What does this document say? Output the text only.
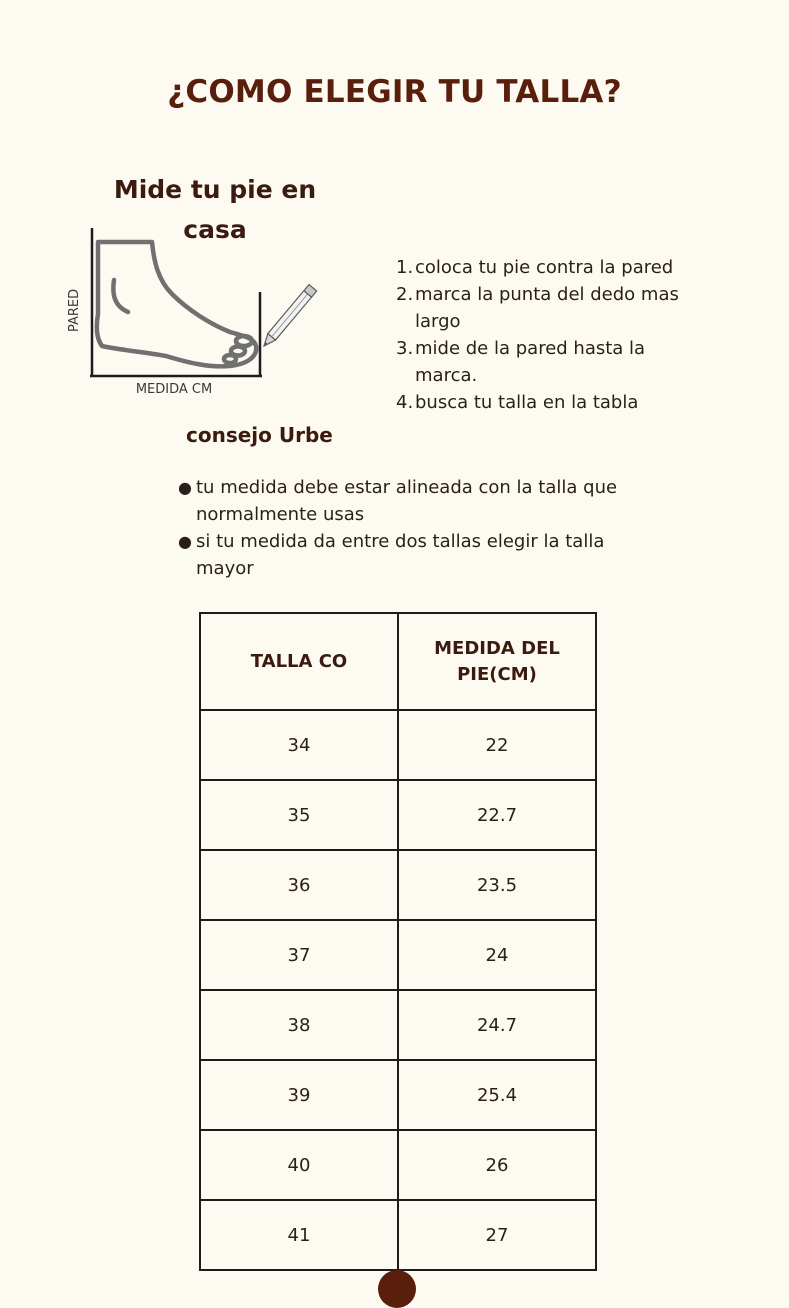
¿COMO ELEGIR TU TALLA?
Mide tu pie en
casa
PARED
MEDIDA CM
1. coloca tu pie contra la pared
2. marca la punta del dedo mas largo
3. mide de la pared hasta la marca.
4. busca tu talla en la tabla
consejo Urbe
● tu medida debe estar alineada con la talla que normalmente usas
● si tu medida da entre dos tallas elegir la talla mayor
TALLA CO	MEDIDA DEL PIE(CM)

34	22
35	22.7
36	23.5
37	24
38	24.7
39	25.4
40	26
41	27
